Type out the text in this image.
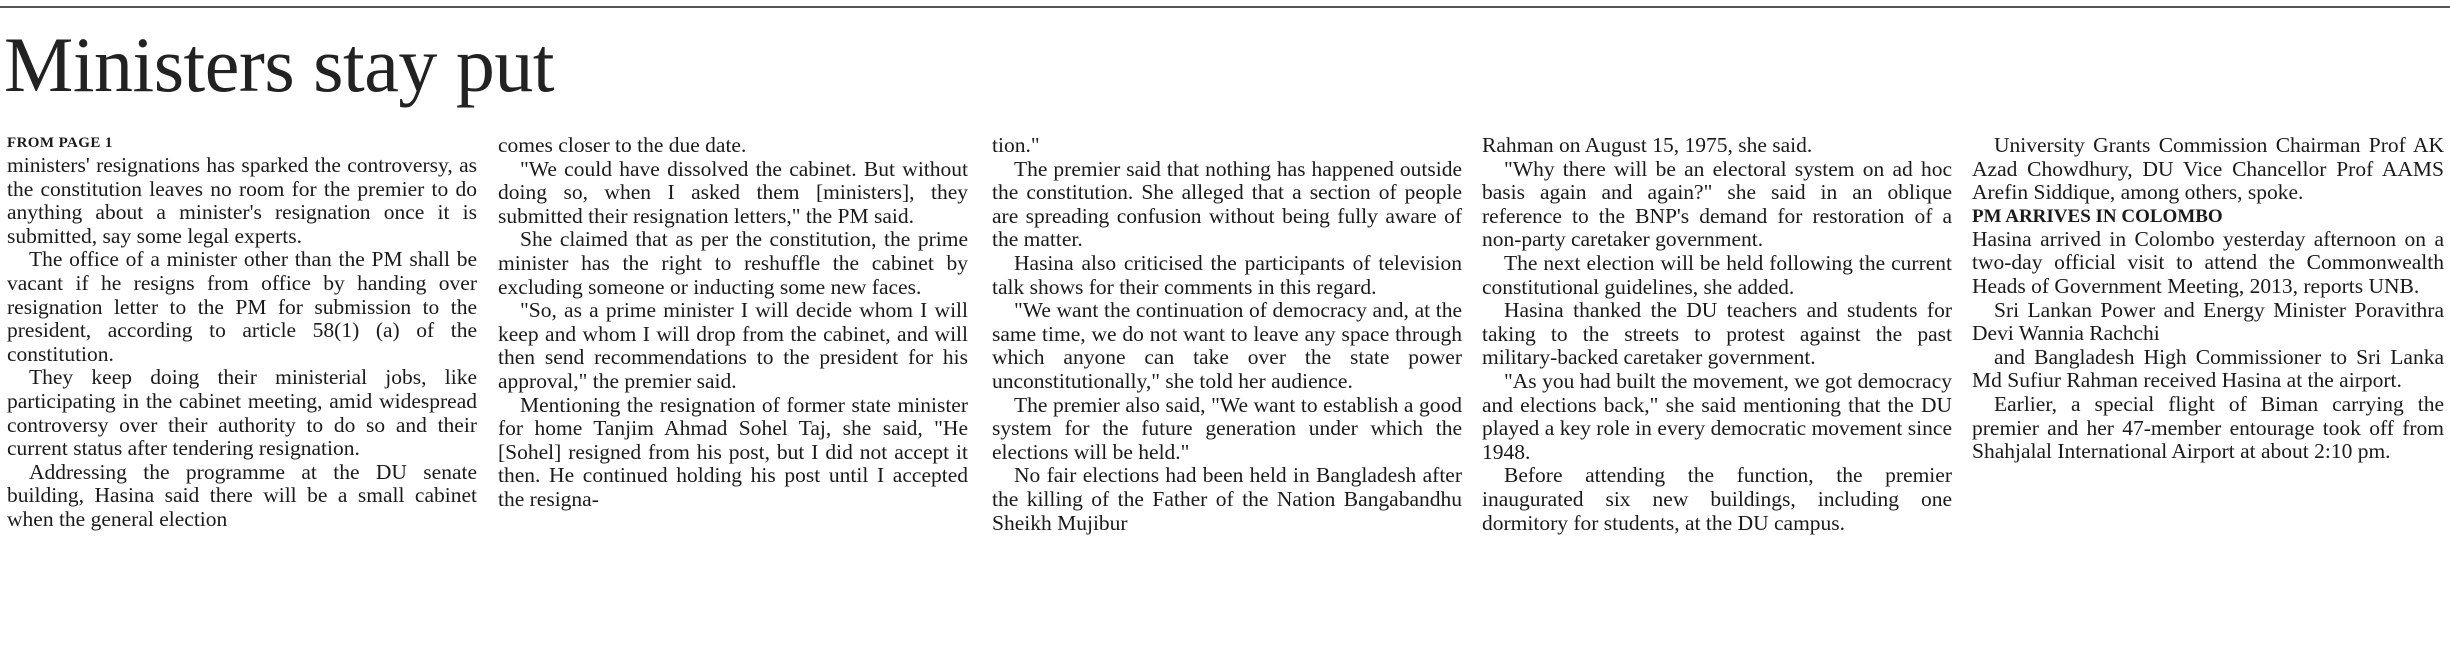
Ministers stay put
FROM PAGE 1

ministers' resignations has sparked the controversy, as the constitution leaves no room for the premier to do anything about a minister's resignation once it is submitted, say some legal experts.

The office of a minister other than the PM shall be vacant if he resigns from office by handing over resignation letter to the PM for submission to the president, according to article 58(1) (a) of the constitution.

They keep doing their ministerial jobs, like participating in the cabinet meeting, amid widespread controversy over their authority to do so and their current status after tendering resignation.

Addressing the programme at the DU senate building, Hasina said there will be a small cabinet when the general election

comes closer to the due date.

"We could have dissolved the cabinet. But without doing so, when I asked them [ministers], they submitted their resignation letters," the PM said.

She claimed that as per the constitution, the prime minister has the right to reshuffle the cabinet by excluding someone or inducting some new faces.

"So, as a prime minister I will decide whom I will keep and whom I will drop from the cabinet, and will then send recommendations to the president for his approval," the premier said.

Mentioning the resignation of former state minister for home Tanjim Ahmad Sohel Taj, she said, "He [Sohel] resigned from his post, but I did not accept it then. He continued holding his post until I accepted the resigna-

tion."

The premier said that nothing has happened outside the constitution. She alleged that a section of people are spreading confusion without being fully aware of the matter.

Hasina also criticised the participants of television talk shows for their comments in this regard.

"We want the continuation of democracy and, at the same time, we do not want to leave any space through which anyone can take over the state power unconstitutionally," she told her audience.

The premier also said, "We want to establish a good system for the future generation under which the elections will be held."

No fair elections had been held in Bangladesh after the killing of the Father of the Nation Bangabandhu Sheikh Mujibur

Rahman on August 15, 1975, she said.

"Why there will be an electoral system on ad hoc basis again and again?" she said in an oblique reference to the BNP's demand for restoration of a non-party caretaker government.

The next election will be held following the current constitutional guidelines, she added.

Hasina thanked the DU teachers and students for taking to the streets to protest against the past military-backed caretaker government.

"As you had built the movement, we got democracy and elections back," she said mentioning that the DU played a key role in every democratic movement since 1948.

Before attending the function, the premier inaugurated six new buildings, including one dormitory for students, at the DU campus.

University Grants Commission Chairman Prof AK Azad Chowdhury, DU Vice Chancellor Prof AAMS Arefin Siddique, among others, spoke.

PM ARRIVES IN COLOMBO

Hasina arrived in Colombo yesterday afternoon on a two-day official visit to attend the Commonwealth Heads of Government Meeting, 2013, reports UNB.

Sri Lankan Power and Energy Minister Poravithra Devi Wannia Rachchi

and Bangladesh High Commissioner to Sri Lanka Md Sufiur Rahman received Hasina at the airport.

Earlier, a special flight of Biman carrying the premier and her 47-member entourage took off from Shahjalal International Airport at about 2:10 pm.
